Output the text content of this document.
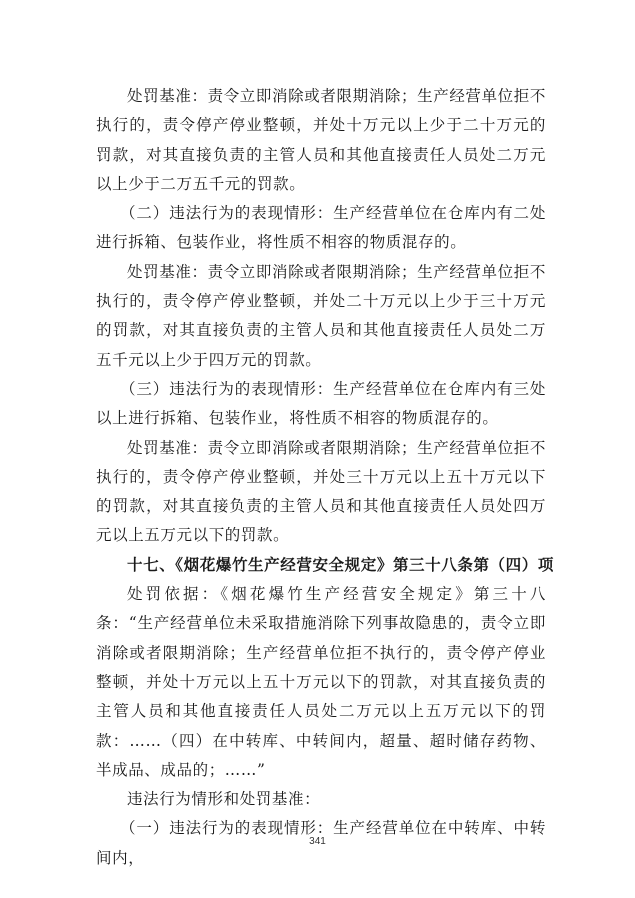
处罚基准：责令立即消除或者限期消除；生产经营单位拒不执行的，责令停产停业整顿，并处十万元以上少于二十万元的罚款，对其直接负责的主管人员和其他直接责任人员处二万元以上少于二万五千元的罚款。

（二）违法行为的表现情形：生产经营单位在仓库内有二处进行拆箱、包装作业，将性质不相容的物质混存的。

处罚基准：责令立即消除或者限期消除；生产经营单位拒不执行的，责令停产停业整顿，并处二十万元以上少于三十万元的罚款，对其直接负责的主管人员和其他直接责任人员处二万五千元以上少于四万元的罚款。

（三）违法行为的表现情形：生产经营单位在仓库内有三处以上进行拆箱、包装作业，将性质不相容的物质混存的。

处罚基准：责令立即消除或者限期消除；生产经营单位拒不执行的，责令停产停业整顿，并处三十万元以上五十万元以下的罚款，对其直接负责的主管人员和其他直接责任人员处四万元以上五万元以下的罚款。

十七、《烟花爆竹生产经营安全规定》第三十八条第（四）项

处罚依据：《烟花爆竹生产经营安全规定》第三十八条：“生产经营单位未采取措施消除下列事故隐患的，责令立即消除或者限期消除；生产经营单位拒不执行的，责令停产停业整顿，并处十万元以上五十万元以下的罚款，对其直接负责的主管人员和其他直接责任人员处二万元以上五万元以下的罚款：……（四）在中转库、中转间内，超量、超时储存药物、半成品、成品的；……”

违法行为情形和处罚基准：

（一）违法行为的表现情形：生产经营单位在中转库、中转间内，

341
